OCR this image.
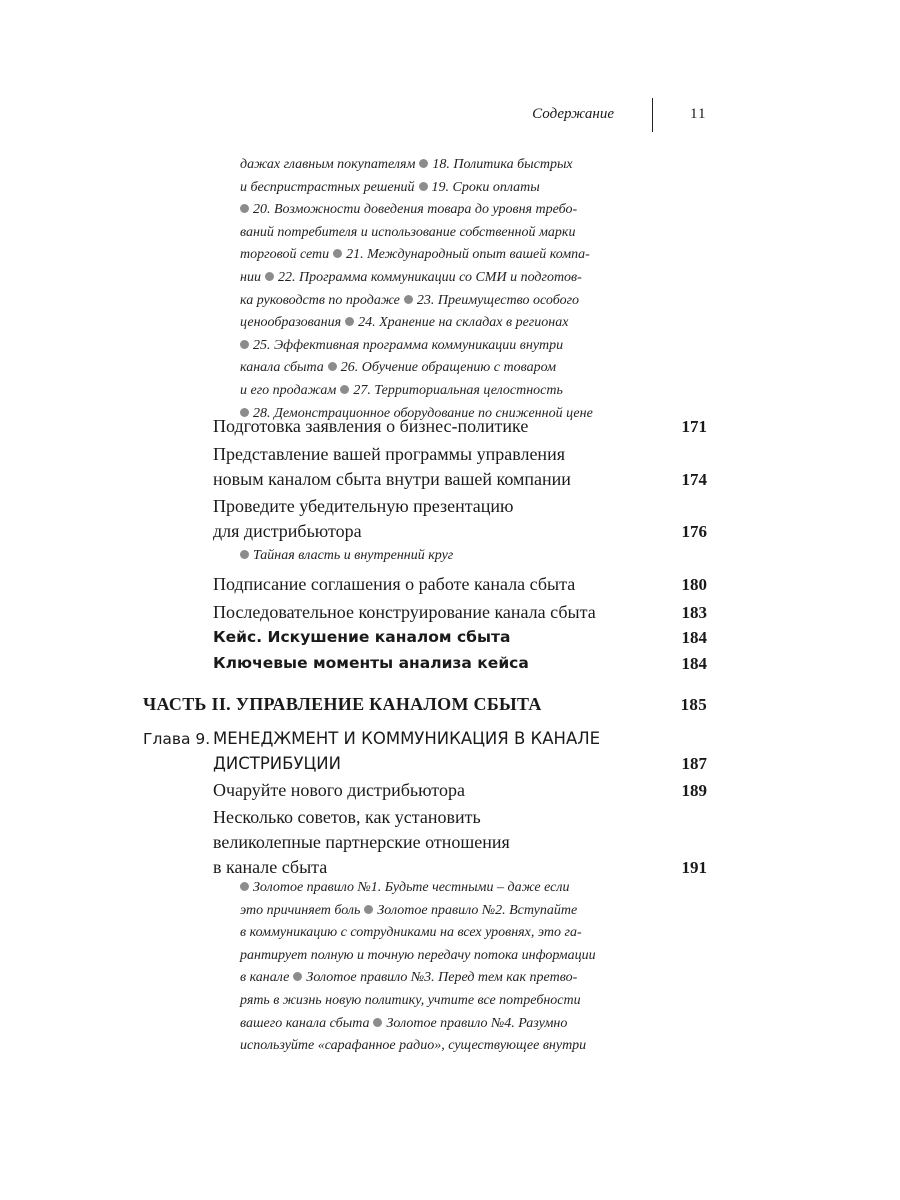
Содержание	11
дажах главным покупателям 18. Политика быстрых
и беспристрастных решений 19. Сроки оплаты
20. Возможности доведения товара до уровня требо-
ваний потребителя и использование собственной марки
торговой сети 21. Международный опыт вашей компа-
нии 22. Программа коммуникации со СМИ и подготов-
ка руководств по продаже 23. Преимущество особого
ценообразования 24. Хранение на складах в регионах
25. Эффективная программа коммуникации внутри
канала сбыта 26. Обучение обращению с товаром
и его продажам 27. Территориальная целостность
28. Демонстрационное оборудование по сниженной цене
Подготовка заявления о бизнес-политике	171
Представление вашей программы управления
новым каналом сбыта внутри вашей компании	174
Проведите убедительную презентацию
для дистрибьютора	176
Тайная власть и внутренний круг
Подписание соглашения о работе канала сбыта	180
Последовательное конструирование канала сбыта	183
Кейс. Искушение каналом сбыта	184
Ключевые моменты анализа кейса	184
ЧАСТЬ II. УПРАВЛЕНИЕ КАНАЛОМ СБЫТА	185
Глава 9. МЕНЕДЖМЕНТ И КОММУНИКАЦИЯ В КАНАЛЕ
ДИСТРИБУЦИИ	187
Очаруйте нового дистрибьютора	189
Несколько советов, как установить
великолепные партнерские отношения
в канале сбыта	191
Золотое правило №1. Будьте честными – даже если
это причиняет боль Золотое правило №2. Вступайте
в коммуникацию с сотрудниками на всех уровнях, это га-
рантирует полную и точную передачу потока информации
в канале Золотое правило №3. Перед тем как претво-
рять в жизнь новую политику, учтите все потребности
вашего канала сбыта Золотое правило №4. Разумно
используйте «сарафанное радио», существующее внутри
